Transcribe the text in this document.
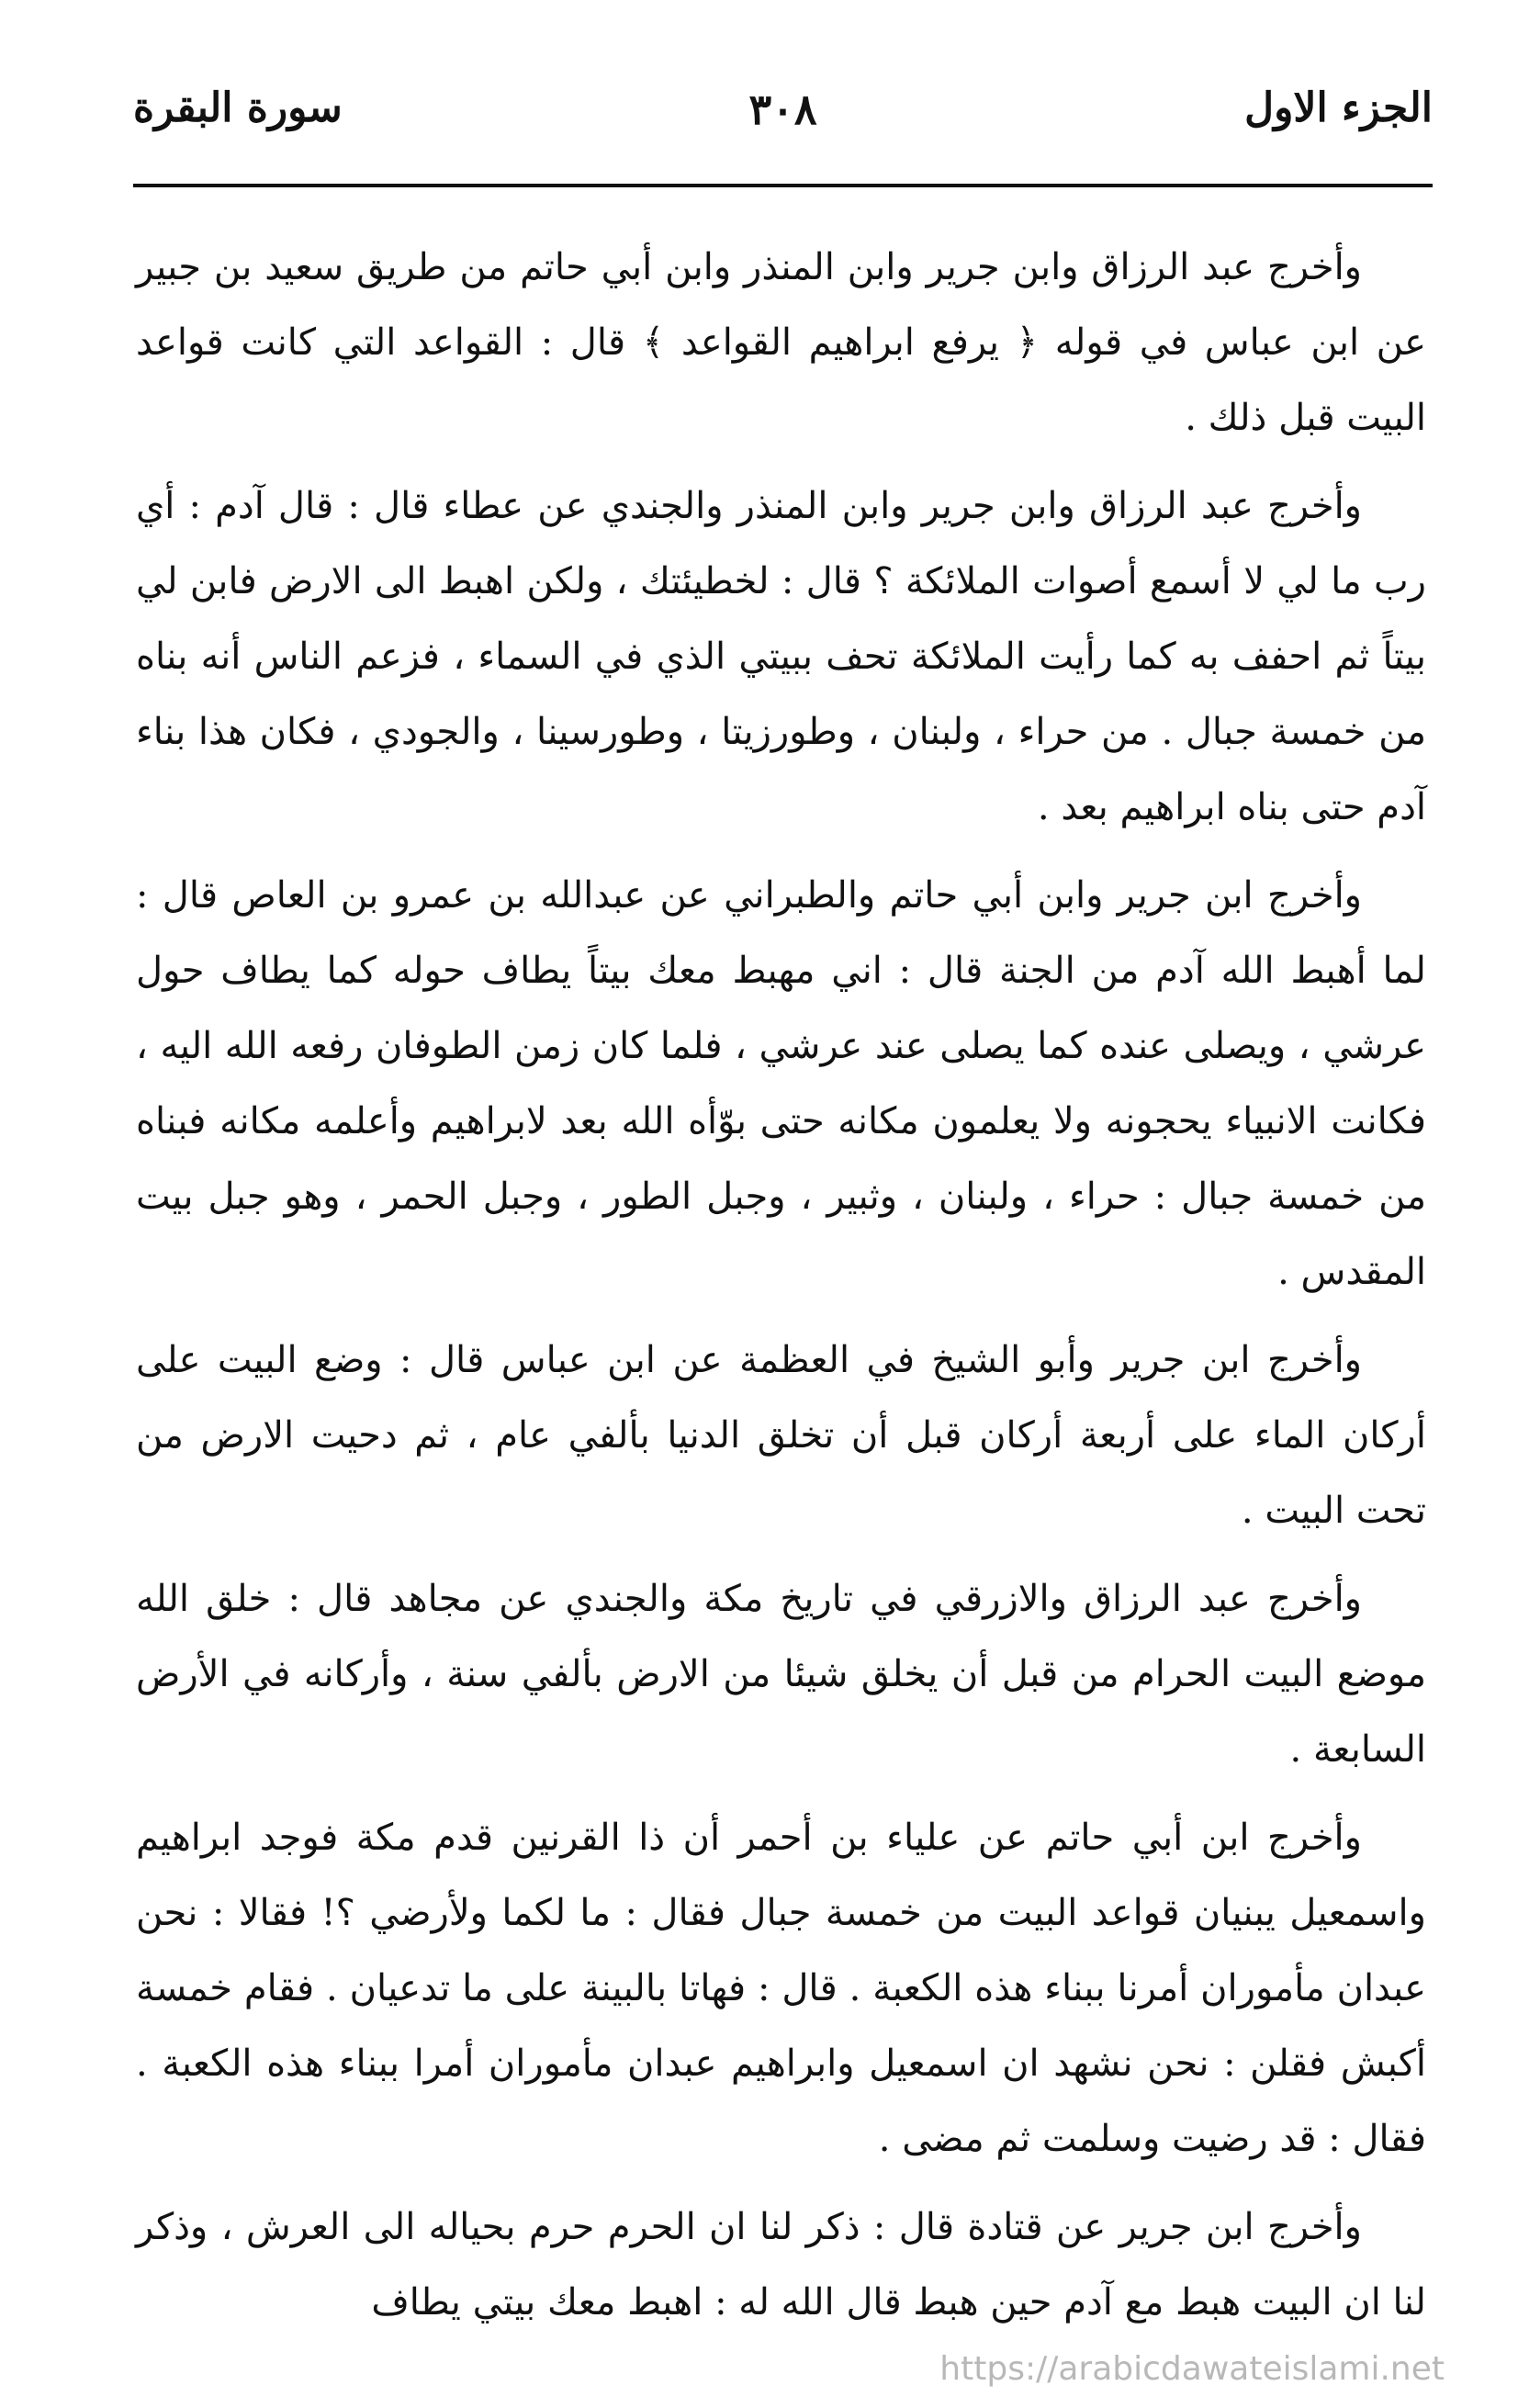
الجزء الاول
٣٠٨
سورة البقرة

وأخرج عبد الرزاق وابن جرير وابن المنذر وابن أبي حاتم من طريق سعيد بن جبير عن ابن عباس في قوله ﴿ يرفع ابراهيم القواعد ﴾ قال : القواعد التي كانت قواعد البيت قبل ذلك .

وأخرج عبد الرزاق وابن جرير وابن المنذر والجندي عن عطاء قال : قال آدم : أي رب ما لي لا أسمع أصوات الملائكة ؟ قال : لخطيئتك ، ولكن اهبط الى الارض فابن لي بيتاً ثم احفف به كما رأيت الملائكة تحف ببيتي الذي في السماء ، فزعم الناس أنه بناه من خمسة جبال . من حراء ، ولبنان ، وطورزيتا ، وطورسينا ، والجودي ، فكان هذا بناء آدم حتى بناه ابراهيم بعد .

وأخرج ابن جرير وابن أبي حاتم والطبراني عن عبدالله بن عمرو بن العاص قال : لما أهبط الله آدم من الجنة قال : اني مهبط معك بيتاً يطاف حوله كما يطاف حول عرشي ، ويصلى عنده كما يصلى عند عرشي ، فلما كان زمن الطوفان رفعه الله اليه ، فكانت الانبياء يحجونه ولا يعلمون مكانه حتى بوّأه الله بعد لابراهيم وأعلمه مكانه فبناه من خمسة جبال : حراء ، ولبنان ، وثبير ، وجبل الطور ، وجبل الحمر ، وهو جبل بيت المقدس .

وأخرج ابن جرير وأبو الشيخ في العظمة عن ابن عباس قال : وضع البيت على أركان الماء على أربعة أركان قبل أن تخلق الدنيا بألفي عام ، ثم دحيت الارض من تحت البيت .

وأخرج عبد الرزاق والازرقي في تاريخ مكة والجندي عن مجاهد قال : خلق الله موضع البيت الحرام من قبل أن يخلق شيئا من الارض بألفي سنة ، وأركانه في الأرض السابعة .

وأخرج ابن أبي حاتم عن علياء بن أحمر أن ذا القرنين قدم مكة فوجد ابراهيم واسمعيل يبنيان قواعد البيت من خمسة جبال فقال : ما لكما ولأرضي ؟! فقالا : نحن عبدان مأموران أمرنا ببناء هذه الكعبة . قال : فهاتا بالبينة على ما تدعيان . فقام خمسة أكبش فقلن : نحن نشهد ان اسمعيل وابراهيم عبدان مأموران أمرا ببناء هذه الكعبة . فقال : قد رضيت وسلمت ثم مضى .

وأخرج ابن جرير عن قتادة قال : ذكر لنا ان الحرم حرم بحياله الى العرش ، وذكر لنا ان البيت هبط مع آدم حين هبط قال الله له : اهبط معك بيتي يطاف

https://arabicdawateislami.net
